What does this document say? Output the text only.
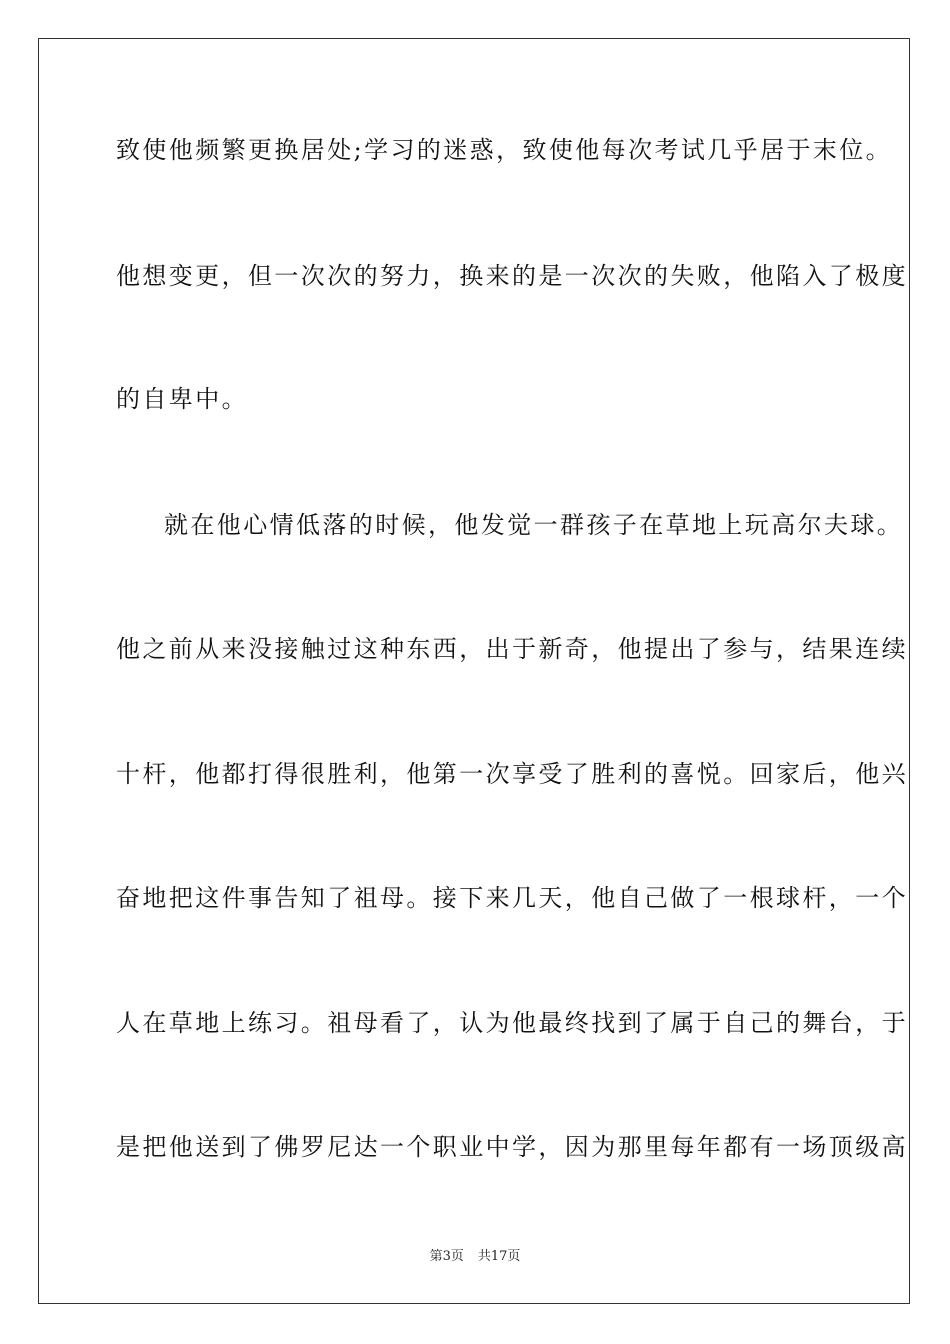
致使他频繁更换居处;学习的迷惑，致使他每次考试几乎居于末位。
他想变更，但一次次的努力，换来的是一次次的失败，他陷入了极度
的自卑中。
就在他心情低落的时候，他发觉一群孩子在草地上玩高尔夫球。
他之前从来没接触过这种东西，出于新奇，他提出了参与，结果连续
十杆，他都打得很胜利，他第一次享受了胜利的喜悦。回家后，他兴
奋地把这件事告知了祖母。接下来几天，他自己做了一根球杆，一个
人在草地上练习。祖母看了，认为他最终找到了属于自己的舞台，于
是把他送到了佛罗尼达一个职业中学，因为那里每年都有一场顶级高
第3页 共17页
